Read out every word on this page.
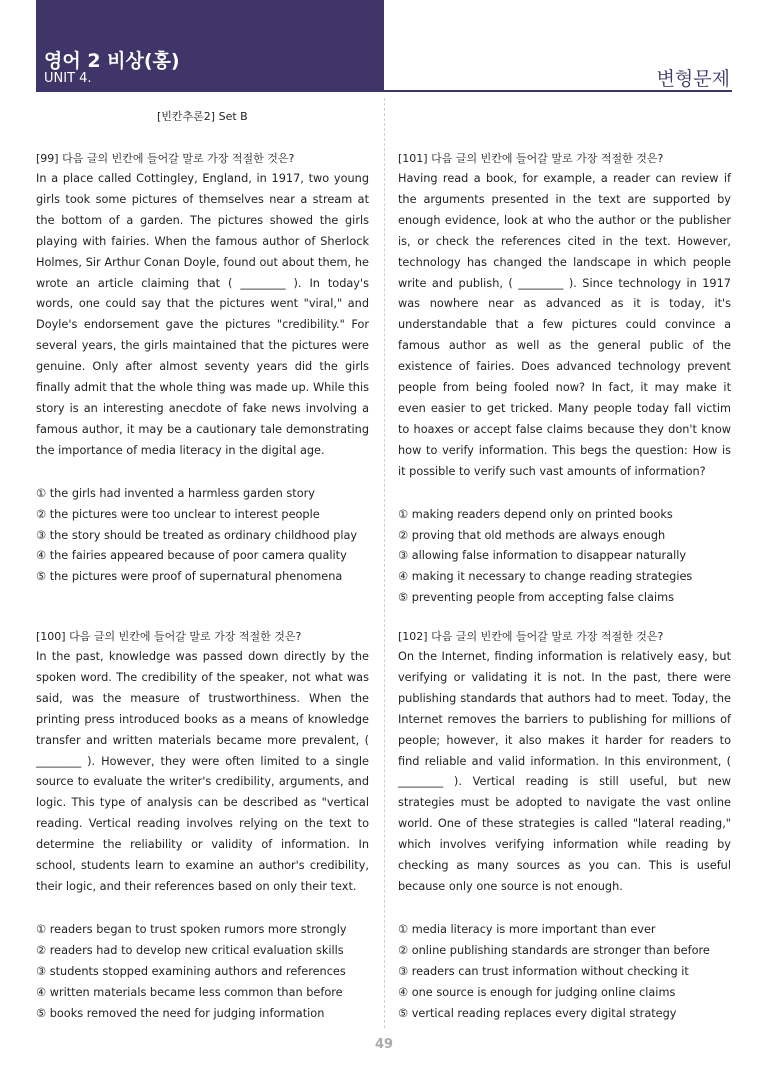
영어 2 비상(홍)
UNIT 4.	변형문제
[빈칸추론2] Set B
[99] 다음 글의 빈칸에 들어갈 말로 가장 적절한 것은?
In a place called Cottingley, England, in 1917, two young girls took some pictures of themselves near a stream at the bottom of a garden. The pictures showed the girls playing with fairies. When the famous author of Sherlock Holmes, Sir Arthur Conan Doyle, found out about them, he wrote an article claiming that ( ________ ). In today's words, one could say that the pictures went "viral," and Doyle's endorsement gave the pictures "credibility." For several years, the girls maintained that the pictures were genuine. Only after almost seventy years did the girls finally admit that the whole thing was made up. While this story is an interesting anecdote of fake news involving a famous author, it may be a cautionary tale demonstrating the importance of media literacy in the digital age.
① the girls had invented a harmless garden story
② the pictures were too unclear to interest people
③ the story should be treated as ordinary childhood play
④ the fairies appeared because of poor camera quality
⑤ the pictures were proof of supernatural phenomena
[100] 다음 글의 빈칸에 들어갈 말로 가장 적절한 것은?
In the past, knowledge was passed down directly by the spoken word. The credibility of the speaker, not what was said, was the measure of trustworthiness. When the printing press introduced books as a means of knowledge transfer and written materials became more prevalent, ( ________ ). However, they were often limited to a single source to evaluate the writer's credibility, arguments, and logic. This type of analysis can be described as "vertical reading. Vertical reading involves relying on the text to determine the reliability or validity of information. In school, students learn to examine an author's credibility, their logic, and their references based on only their text.
① readers began to trust spoken rumors more strongly
② readers had to develop new critical evaluation skills
③ students stopped examining authors and references
④ written materials became less common than before
⑤ books removed the need for judging information
[101] 다음 글의 빈칸에 들어갈 말로 가장 적절한 것은?
Having read a book, for example, a reader can review if the arguments presented in the text are supported by enough evidence, look at who the author or the publisher is, or check the references cited in the text. However, technology has changed the landscape in which people write and publish, ( ________ ). Since technology in 1917 was nowhere near as advanced as it is today, it's understandable that a few pictures could convince a famous author as well as the general public of the existence of fairies. Does advanced technology prevent people from being fooled now? In fact, it may make it even easier to get tricked. Many people today fall victim to hoaxes or accept false claims because they don't know how to verify information. This begs the question: How is it possible to verify such vast amounts of information?
① making readers depend only on printed books
② proving that old methods are always enough
③ allowing false information to disappear naturally
④ making it necessary to change reading strategies
⑤ preventing people from accepting false claims
[102] 다음 글의 빈칸에 들어갈 말로 가장 적절한 것은?
On the Internet, finding information is relatively easy, but verifying or validating it is not. In the past, there were publishing standards that authors had to meet. Today, the Internet removes the barriers to publishing for millions of people; however, it also makes it harder for readers to find reliable and valid information. In this environment, ( ________ ). Vertical reading is still useful, but new strategies must be adopted to navigate the vast online world. One of these strategies is called "lateral reading," which involves verifying information while reading by checking as many sources as you can. This is useful because only one source is not enough.
① media literacy is more important than ever
② online publishing standards are stronger than before
③ readers can trust information without checking it
④ one source is enough for judging online claims
⑤ vertical reading replaces every digital strategy
49
